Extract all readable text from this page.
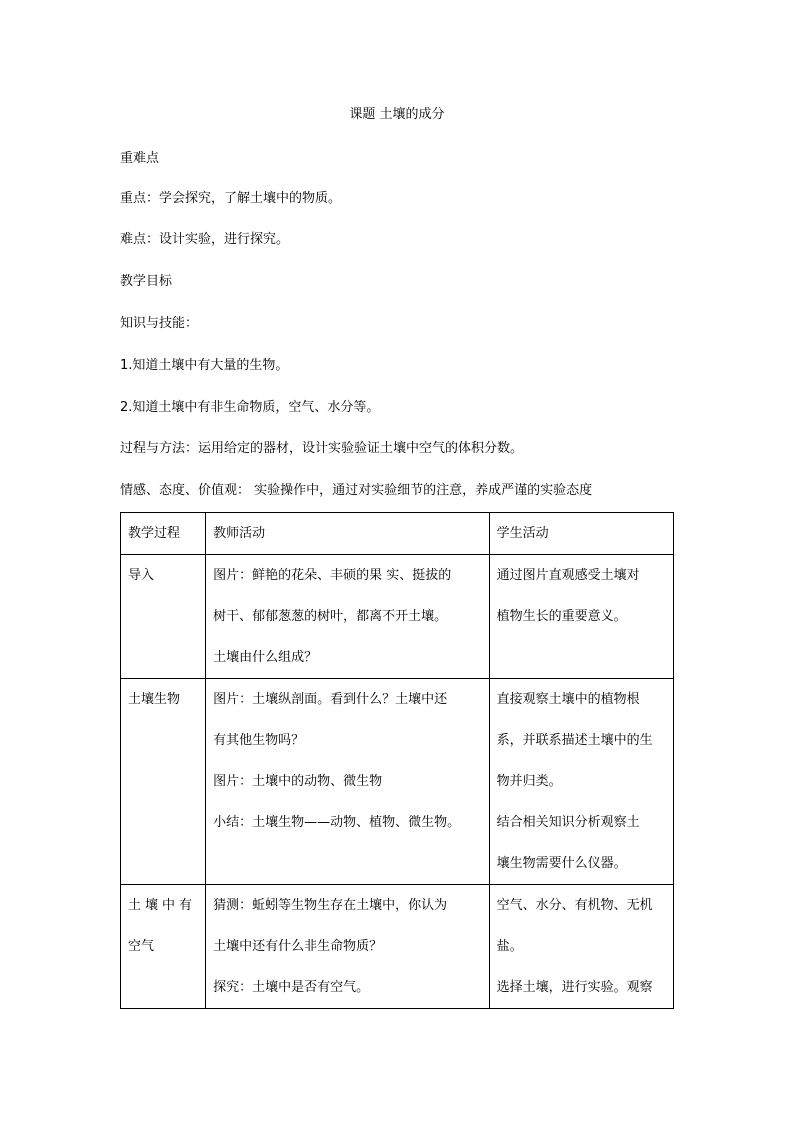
课题 土壤的成分

重难点

重点：学会探究，了解土壤中的物质。

难点：设计实验，进行探究。

教学目标

知识与技能：

1.知道土壤中有大量的生物。

2.知道土壤中有非生命物质，空气、水分等。

过程与方法：运用给定的器材，设计实验验证土壤中空气的体积分数。

情感、态度、价值观： 实验操作中，通过对实验细节的注意，养成严谨的实验态度

教学过程	教师活动	学生活动

导入	图片：鲜艳的花朵、丰硕的果 实、挺拔的
树干、郁郁葱葱的树叶，都离不开土壤。
土壤由什么组成？	通过图片直观感受土壤对
植物生长的重要意义。

土壤生物	图片：土壤纵剖面。看到什么？土壤中还
有其他生物吗？
图片：土壤中的动物、微生物
小结：土壤生物——动物、植物、微生物。	直接观察土壤中的植物根
系，并联系描述土壤中的生
物并归类。
结合相关知识分析观察土
壤生物需要什么仪器。

土壤中有
空气	猜测：蚯蚓等生物生存在土壤中，你认为
土壤中还有什么非生命物质？
探究：土壤中是否有空气。	空气、水分、有机物、无机
盐。
选择土壤，进行实验。观察
